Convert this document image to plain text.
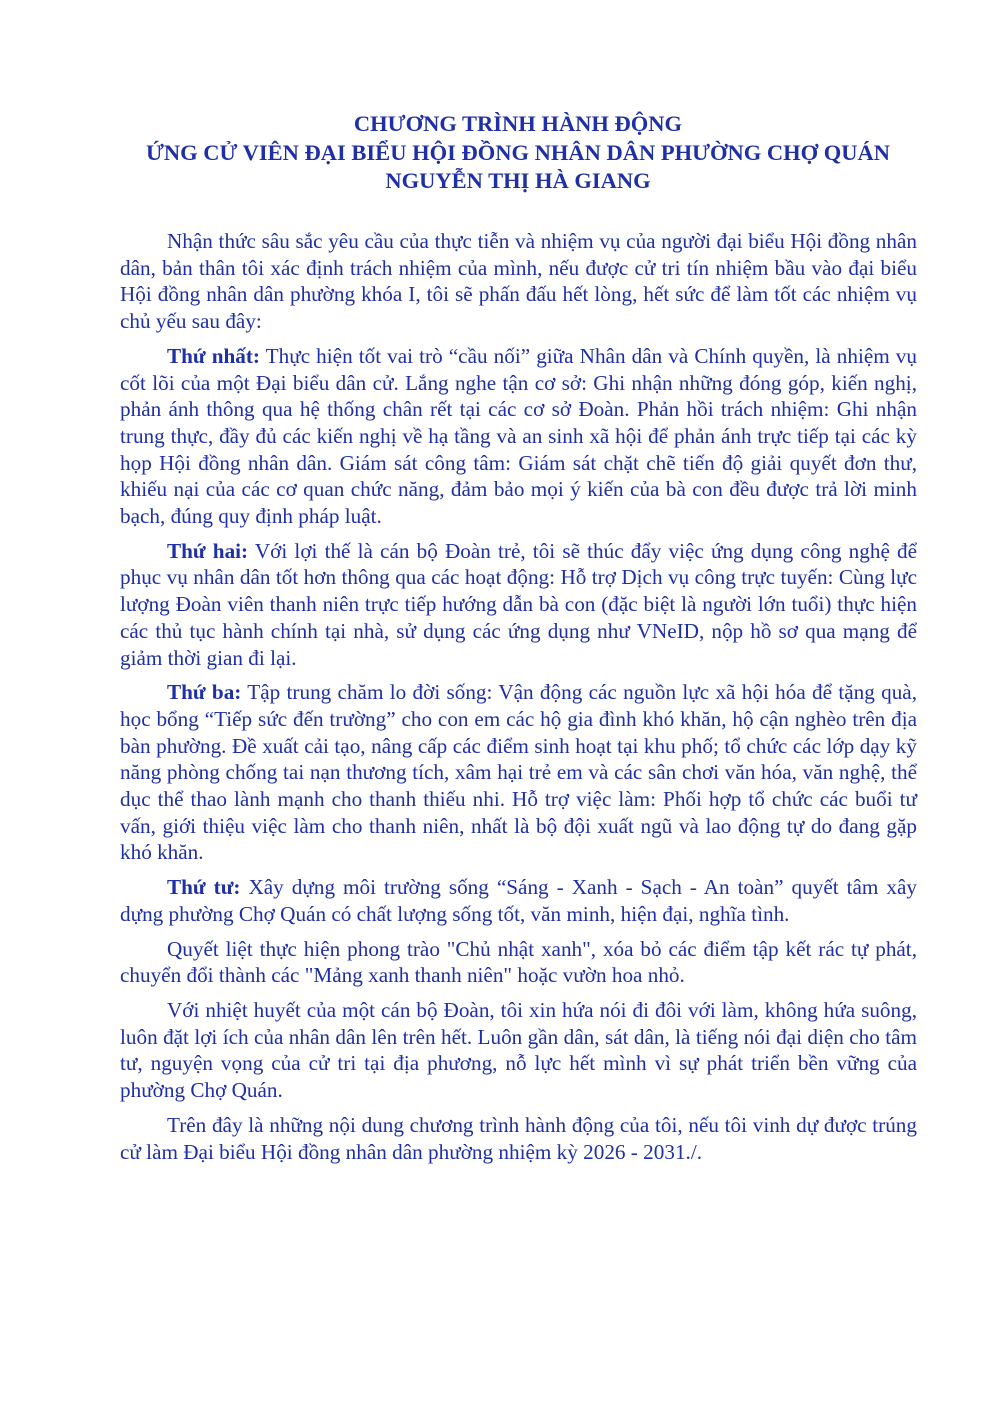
CHƯƠNG TRÌNH HÀNH ĐỘNG
ỨNG CỬ VIÊN ĐẠI BIỂU HỘI ĐỒNG NHÂN DÂN PHƯỜNG CHỢ QUÁN
NGUYỄN THỊ HÀ GIANG

Nhận thức sâu sắc yêu cầu của thực tiễn và nhiệm vụ của người đại biểu Hội đồng nhân dân, bản thân tôi xác định trách nhiệm của mình, nếu được cử tri tín nhiệm bầu vào đại biểu Hội đồng nhân dân phường khóa I, tôi sẽ phấn đấu hết lòng, hết sức để làm tốt các nhiệm vụ chủ yếu sau đây:

Thứ nhất: Thực hiện tốt vai trò “cầu nối” giữa Nhân dân và Chính quyền, là nhiệm vụ cốt lõi của một Đại biểu dân cử. Lắng nghe tận cơ sở: Ghi nhận những đóng góp, kiến nghị, phản ánh thông qua hệ thống chân rết tại các cơ sở Đoàn. Phản hồi trách nhiệm: Ghi nhận trung thực, đầy đủ các kiến nghị về hạ tầng và an sinh xã hội để phản ánh trực tiếp tại các kỳ họp Hội đồng nhân dân. Giám sát công tâm: Giám sát chặt chẽ tiến độ giải quyết đơn thư, khiếu nại của các cơ quan chức năng, đảm bảo mọi ý kiến của bà con đều được trả lời minh bạch, đúng quy định pháp luật.

Thứ hai: Với lợi thế là cán bộ Đoàn trẻ, tôi sẽ thúc đẩy việc ứng dụng công nghệ để phục vụ nhân dân tốt hơn thông qua các hoạt động: Hỗ trợ Dịch vụ công trực tuyến: Cùng lực lượng Đoàn viên thanh niên trực tiếp hướng dẫn bà con (đặc biệt là người lớn tuổi) thực hiện các thủ tục hành chính tại nhà, sử dụng các ứng dụng như VNeID, nộp hồ sơ qua mạng để giảm thời gian đi lại.

Thứ ba: Tập trung chăm lo đời sống: Vận động các nguồn lực xã hội hóa để tặng quà, học bổng “Tiếp sức đến trường” cho con em các hộ gia đình khó khăn, hộ cận nghèo trên địa bàn phường. Đề xuất cải tạo, nâng cấp các điểm sinh hoạt tại khu phố; tổ chức các lớp dạy kỹ năng phòng chống tai nạn thương tích, xâm hại trẻ em và các sân chơi văn hóa, văn nghệ, thể dục thể thao lành mạnh cho thanh thiếu nhi. Hỗ trợ việc làm: Phối hợp tổ chức các buổi tư vấn, giới thiệu việc làm cho thanh niên, nhất là bộ đội xuất ngũ và lao động tự do đang gặp khó khăn.

Thứ tư: Xây dựng môi trường sống “Sáng - Xanh - Sạch - An toàn” quyết tâm xây dựng phường Chợ Quán có chất lượng sống tốt, văn minh, hiện đại, nghĩa tình.

Quyết liệt thực hiện phong trào "Chủ nhật xanh", xóa bỏ các điểm tập kết rác tự phát, chuyển đổi thành các "Mảng xanh thanh niên" hoặc vườn hoa nhỏ.

Với nhiệt huyết của một cán bộ Đoàn, tôi xin hứa nói đi đôi với làm, không hứa suông, luôn đặt lợi ích của nhân dân lên trên hết. Luôn gần dân, sát dân, là tiếng nói đại diện cho tâm tư, nguyện vọng của cử tri tại địa phương, nỗ lực hết mình vì sự phát triển bền vững của phường Chợ Quán.

Trên đây là những nội dung chương trình hành động của tôi, nếu tôi vinh dự được trúng cử làm Đại biểu Hội đồng nhân dân phường nhiệm kỳ 2026 - 2031./.
